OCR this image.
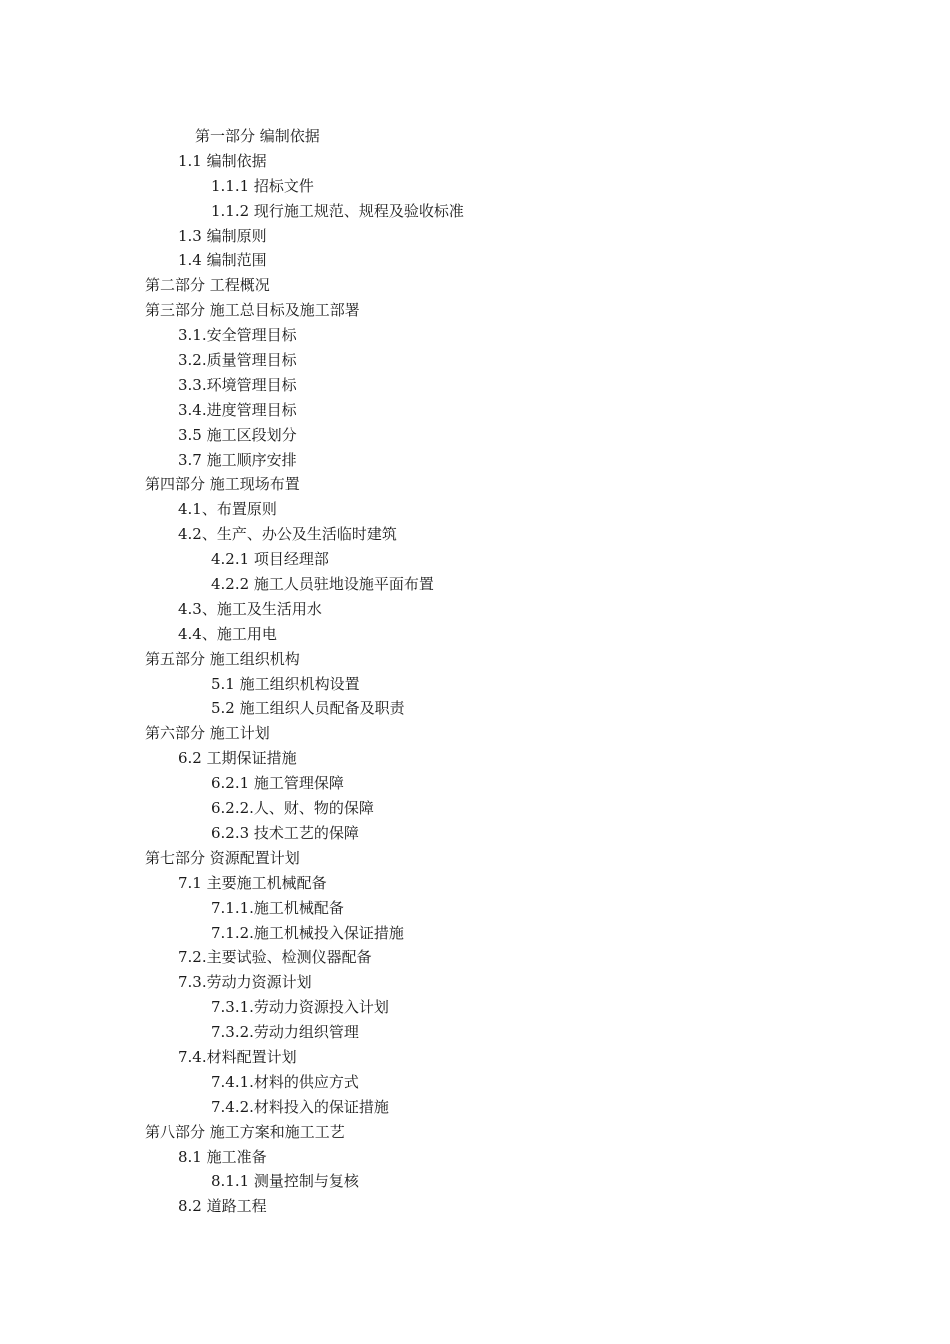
第一部分 编制依据
1.1 编制依据
1.1.1 招标文件
1.1.2 现行施工规范、规程及验收标准
1.3 编制原则
1.4 编制范围
第二部分 工程概况
第三部分 施工总目标及施工部署
3.1.安全管理目标
3.2.质量管理目标
3.3.环境管理目标
3.4.进度管理目标
3.5 施工区段划分
3.7 施工顺序安排
第四部分 施工现场布置
4.1、布置原则
4.2、生产、办公及生活临时建筑
4.2.1 项目经理部
4.2.2 施工人员驻地设施平面布置
4.3、施工及生活用水
4.4、施工用电
第五部分 施工组织机构
5.1 施工组织机构设置
5.2 施工组织人员配备及职责
第六部分 施工计划
6.2 工期保证措施
6.2.1 施工管理保障
6.2.2.人、财、物的保障
6.2.3 技术工艺的保障
第七部分 资源配置计划
7.1 主要施工机械配备
7.1.1.施工机械配备
7.1.2.施工机械投入保证措施
7.2.主要试验、检测仪器配备
7.3.劳动力资源计划
7.3.1.劳动力资源投入计划
7.3.2.劳动力组织管理
7.4.材料配置计划
7.4.1.材料的供应方式
7.4.2.材料投入的保证措施
第八部分 施工方案和施工工艺
8.1 施工准备
8.1.1 测量控制与复核
8.2 道路工程
